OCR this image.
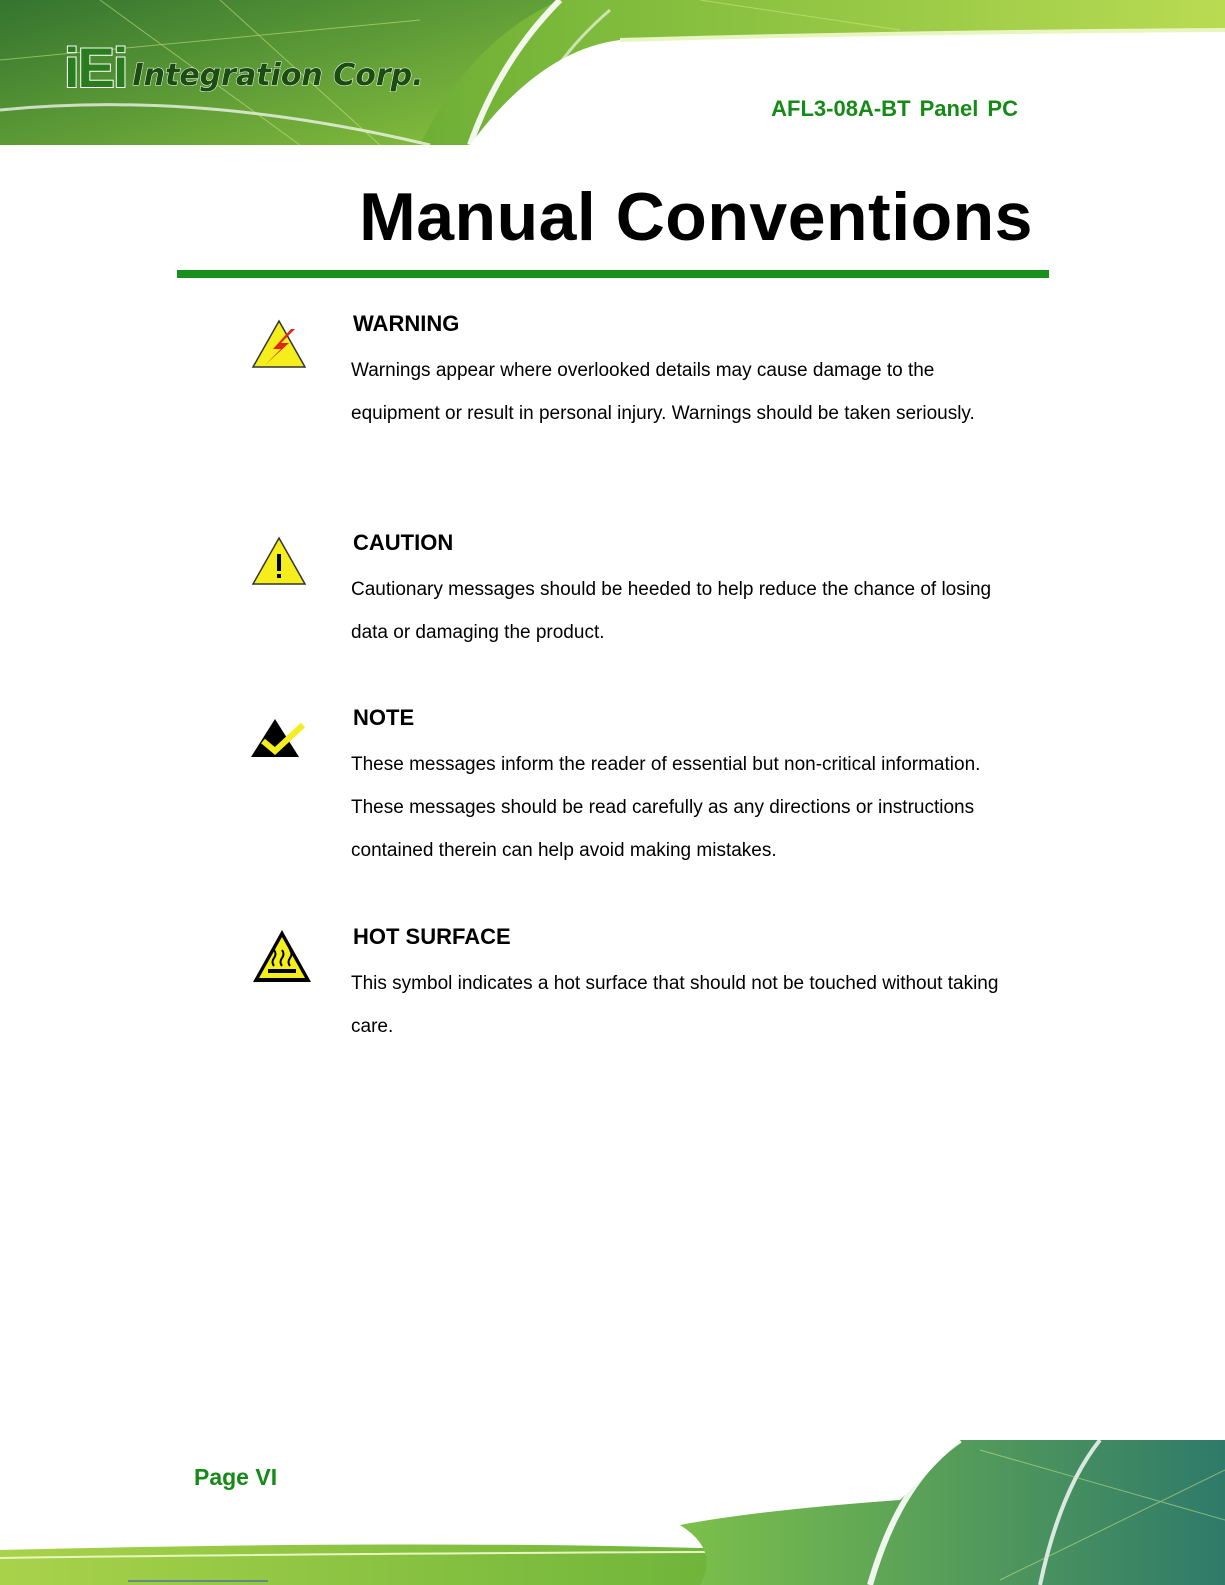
iEi Integration Corp.
AFL3-08A-BT Panel PC
Manual Conventions
WARNING
Warnings appear where overlooked details may cause damage to the equipment or result in personal injury. Warnings should be taken seriously.
CAUTION
Cautionary messages should be heeded to help reduce the chance of losing data or damaging the product.
NOTE
These messages inform the reader of essential but non-critical information. These messages should be read carefully as any directions or instructions contained therein can help avoid making mistakes.
HOT SURFACE
This symbol indicates a hot surface that should not be touched without taking care.
Page VI
